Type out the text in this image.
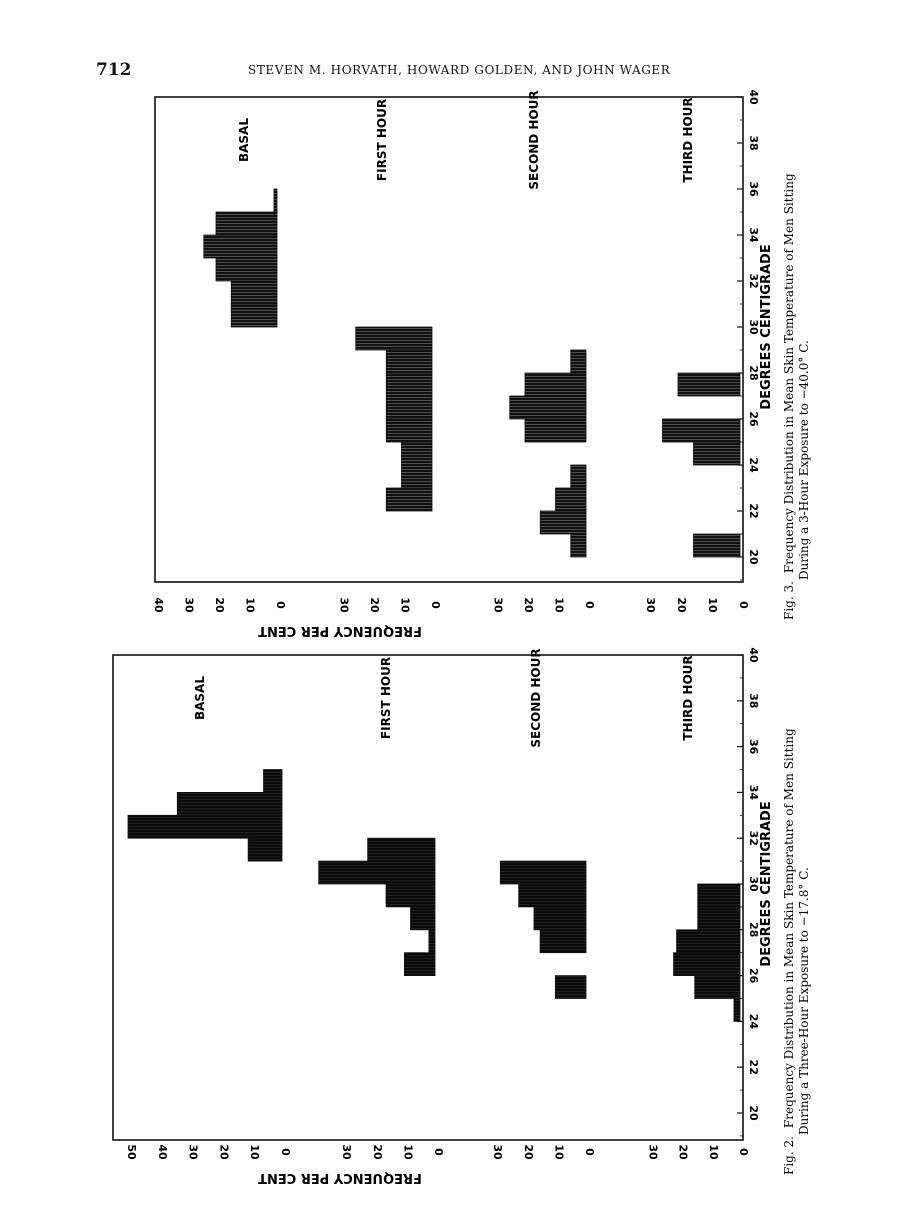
712	STEVEN M. HORVATH, HOWARD GOLDEN, AND JOHN WAGER
20
22
24
26
28
30
32
34
36
38
40
DEGREES CENTIGRADE
0
10
20
30
40
50
BASAL
0
10
20
30
FIRST HOUR
0
10
20
30
SECOND HOUR
0
10
20
30
THIRD HOUR
FREQUENCY PER CENT
Fig. 2.Frequency Distribution in Mean Skin Temperature of Men Sitting During a Three-Hour Exposure to −17.8° C.
20
22
24
26
28
30
32
34
36
38
40
DEGREES CENTIGRADE
0
10
20
30
40
BASAL
0
10
20
30
FIRST HOUR
0
10
20
30
SECOND HOUR
0
10
20
30
THIRD HOUR
FREQUENCY PER CENT
Fig. 3.Frequency Distribution in Mean Skin Temperature of Men Sitting During a 3-Hour Exposure to −40.0° C.
